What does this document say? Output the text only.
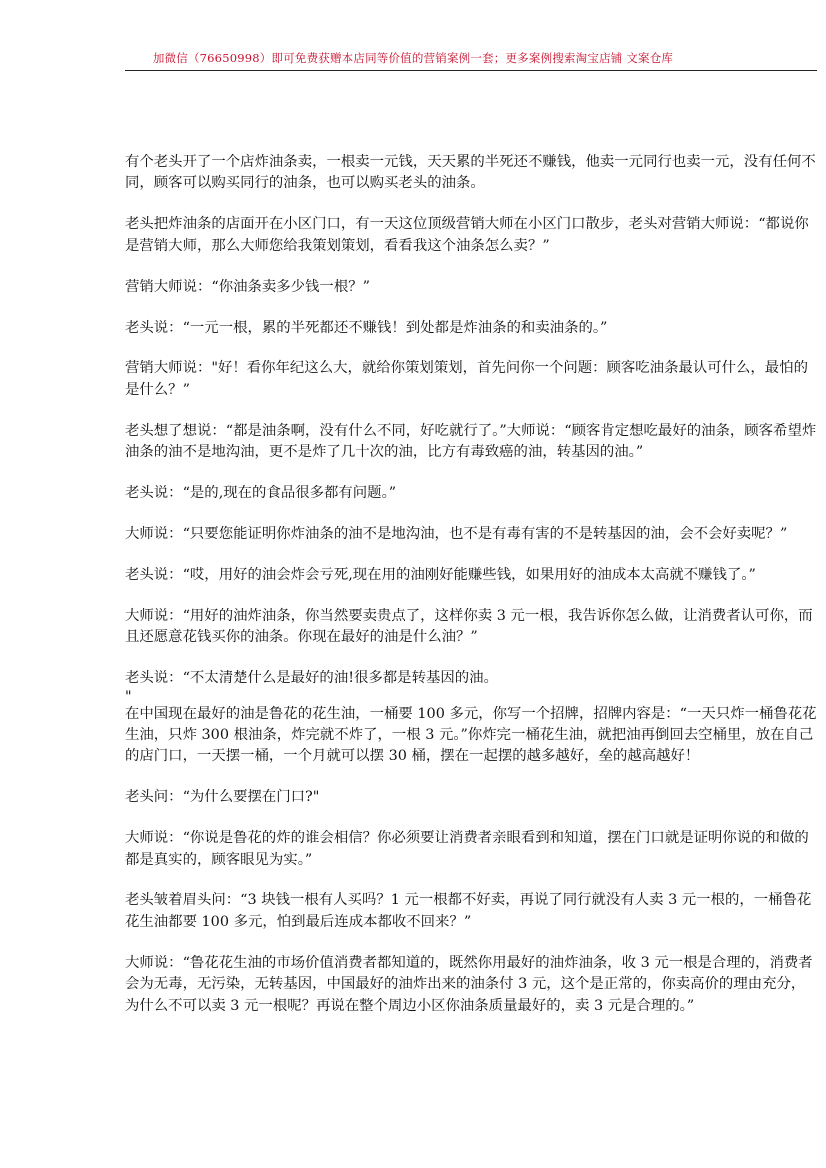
加微信（76650998）即可免费获赠本店同等价值的营销案例一套；更多案例搜索淘宝店铺 文案仓库

有个老头开了一个店炸油条卖，一根卖一元钱，天天累的半死还不赚钱，他卖一元同行也卖一元，没有任何不同，顾客可以购买同行的油条，也可以购买老头的油条。

老头把炸油条的店面开在小区门口，有一天这位顶级营销大师在小区门口散步，老头对营销大师说：“都说你是营销大师，那么大师您给我策划策划，看看我这个油条怎么卖？”

营销大师说：“你油条卖多少钱一根？”

老头说：“一元一根，累的半死都还不赚钱！到处都是炸油条的和卖油条的。”

营销大师说："好！看你年纪这么大，就给你策划策划，首先问你一个问题：顾客吃油条最认可什么，最怕的是什么？”

老头想了想说：“都是油条啊，没有什么不同，好吃就行了。”大师说：“顾客肯定想吃最好的油条，顾客希望炸油条的油不是地沟油，更不是炸了几十次的油，比方有毒致癌的油，转基因的油。”

老头说：“是的,现在的食品很多都有问题。”

大师说：“只要您能证明你炸油条的油不是地沟油，也不是有毒有害的不是转基因的油，会不会好卖呢？”

老头说：“哎，用好的油会炸会亏死,现在用的油刚好能赚些钱，如果用好的油成本太高就不赚钱了。”

大师说：“用好的油炸油条，你当然要卖贵点了，这样你卖 3 元一根，我告诉你怎么做，让消费者认可你，而且还愿意花钱买你的油条。你现在最好的油是什么油？”

老头说：“不太清楚什么是最好的油!很多都是转基因的油。

"

在中国现在最好的油是鲁花的花生油，一桶要 100 多元，你写一个招牌，招牌内容是：“一天只炸一桶鲁花花生油，只炸 300 根油条，炸完就不炸了，一根 3 元。”你炸完一桶花生油，就把油再倒回去空桶里，放在自己的店门口，一天摆一桶，一个月就可以摆 30 桶，摆在一起摆的越多越好，垒的越高越好！

老头问：“为什么要摆在门口?"

大师说：“你说是鲁花的炸的谁会相信？你必须要让消费者亲眼看到和知道，摆在门口就是证明你说的和做的都是真实的，顾客眼见为实。”

老头皱着眉头问：“3 块钱一根有人买吗？1 元一根都不好卖，再说了同行就没有人卖 3 元一根的，一桶鲁花花生油都要 100 多元，怕到最后连成本都收不回来？”

大师说：“鲁花花生油的市场价值消费者都知道的，既然你用最好的油炸油条，收 3 元一根是合理的，消费者会为无毒，无污染，无转基因，中国最好的油炸出来的油条付 3 元，这个是正常的，你卖高价的理由充分，为什么不可以卖 3 元一根呢？再说在整个周边小区你油条质量最好的，卖 3 元是合理的。”
